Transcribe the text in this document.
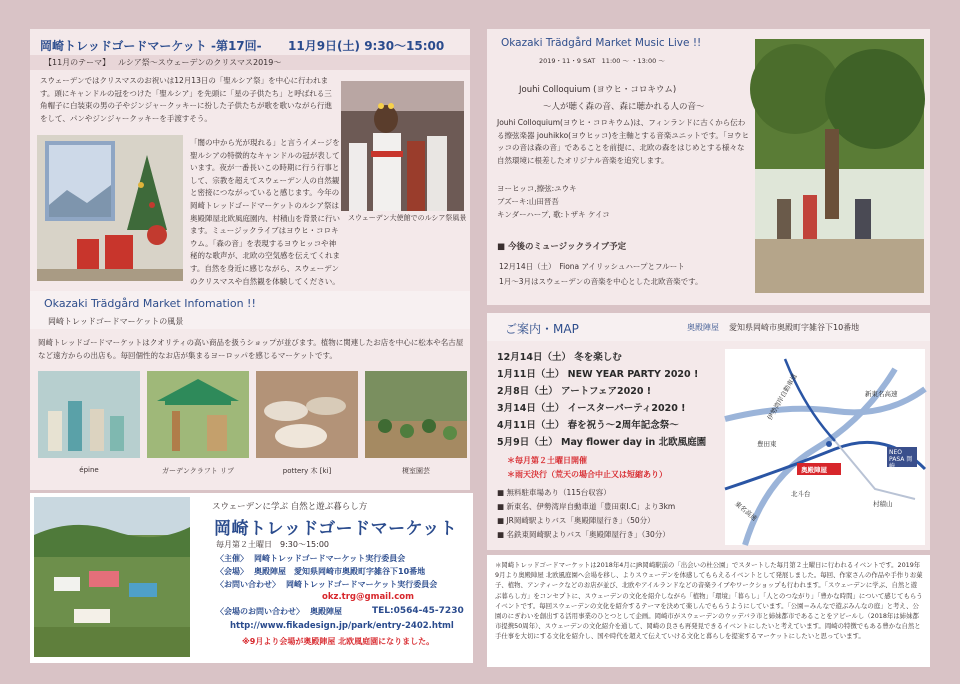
岡崎トレッドゴードマーケット -第17回- 11月9日(土) 9:30〜15:00
【11月のテーマ】 ルシア祭〜スウェーデンのクリスマス2019〜
スウェーデンではクリスマスのお祝いは12月13日の「聖ルシア祭」を中心に行われます。頭にキャンドルの冠をつけた「聖ルシア」を先頭に「星の子供たち」と呼ばれる三角帽子に白装束の男の子やジンジャークッキーに扮した子供たちが歌を歌いながら行進をして、パンやジンジャークッキーを手渡すそう。
スウェーデン大使館でのルシア祭風景
「闇の中から光が現れる」と言うイメージを聖ルシアの特徴的なキャンドルの冠が表しています。夜が一番長いこの時期に行う行事として、宗教を超えてスウェーデン人の自然観と密接につながっていると感じます。今年の岡崎トレッドゴードマーケットのルシア祭は奥殿陣屋北欧風庭園内、村積山を背景に行います。ミュージックライブはヨウヒ・コロキウム。「森の音」を表現するヨウヒッコや神秘的な歌声が、北欧の空気感を伝えてくれます。自然を身近に感じながら、スウェーデンのクリスマスや自然観を体験してください。
Okazaki Trädgård Market Infomation !!
岡崎トレッドゴードマーケットの風景
岡崎トレッドゴードマーケットはクオリティの高い商品を扱うショップが並びます。植物に関連したお店を中心に松本や名古屋など遠方からの出店も。毎回個性的なお店が集まるヨーロッパを感じるマーケットです。
épine	ガーデンクラフト リブ	pottery 木 [ki]	榎室園芸
スウェーデンに学ぶ 自然と遊ぶ暮らし方
岡崎トレッドゴードマーケット
毎月第２土曜日　9:30〜15:00
〈主催〉 岡崎トレッドゴードマーケット実行委員会
〈会場〉 奥殿陣屋　愛知県岡崎市奥殿町字雑谷下10番地
〈お問い合わせ〉 岡崎トレッドゴードマーケット実行委員会
okz.trg@gmail.com
〈会場のお問い合わせ〉 奥殿陣屋	TEL:0564-45-7230
http://www.fikadesign.jp/park/entry-2402.html
※9月より会場が奥殿陣屋 北欧風庭園になりました。
Okazaki Trädgård Market Music Live !!
2019・11・9 SAT　11:00 〜 ・13:00 〜
Jouhi Colloquium (ヨウヒ・コロキウム)
〜人が聴く森の音、森に聴かれる人の音〜
Jouhi Colloquium(ヨウヒ・コロキウム)は、フィンランドに古くから伝わる擦弦楽器 jouhikko(ヨウヒッコ)を主軸とする音楽ユニットです。「ヨウヒッコの音は森の音」であることを前提に、北欧の森をはじめとする様々な自然環境に根差したオリジナル音楽を追究します。
ヨーヒッコ,擦弦:ユウキ
ブズーキ:山田晋吾
キンダーハープ, 歌:トザキ ケイコ
■ 今後のミュージックライブ予定
12月14日（土）　Fiona アイリッシュハープとフルート
1月〜3月はスウェーデンの音楽を中心とした北欧音楽です。
ご案内・MAP	奥殿陣屋 愛知県岡崎市奥殿町字雑谷下10番地
12月14日（土） 冬を楽しむ
1月11日（土） NEW YEAR PARTY 2020 !
2月8日（土） アートフェア2020 !
3月14日（土） イースターパーティ2020 !
4月11日（土） 春を祝う〜2周年記念祭〜
5月9日（土） May flower day in 北欧風庭園
＊毎月第２土曜日開催
＊雨天決行（荒天の場合中止又は短縮あり）
■ 無料駐車場あり（115台収容）
■ 新東名、伊勢湾岸自動車道「豊田東I.C」より3km
■ JR岡崎駅よりバス「奥殿陣屋行き」（50分）
■ 名鉄東岡崎駅よりバス「奥殿陣屋行き」（30分）
新東名高速
伊勢湾岸自動車道
豊田東
東名高速
奥殿陣屋
北斗台
村積山
NEO PASA 岡崎
＊岡崎トレッドゴードマーケットは2018年4月にJR岡崎駅前の「出会いの杜公園」でスタートした毎月第２土曜日に行われるイベントです。2019年9月より奥殿陣屋 北欧風庭園へ会場を移し、よりスウェーデンを体感してもらえるイベントとして発展しました。毎回、作家さんの作品や手作りお菓子、植物、アンティークなどのお店が並び、北欧やアイルランドなどの音楽ライブやワークショップも行われます。「スウェーデンに学ぶ、自然と遊ぶ暮らし方」をコンセプトに、スウェーデンの文化を紹介しながら「植物」「環境」「暮らし」「人とのつながり」「豊かな時間」について感じてもらうイベントです。毎回スウェーデンの文化を紹介するテーマを決めて楽しんでもらうようにしています。「公園＝みんなで遊ぶみんなの庭」と考え、公園のにぎわいを創出する活用事業のひとつとして企画。岡崎市がスウェーデンのウッデバラ市と姉妹都市であることをアピールし（2018年は姉妹都市提携50周年）、スウェーデンの文化紹介を通して、岡崎の良さも再発見できるイベントにしたいと考えています。岡崎の特徴でもある豊かな自然と手仕事を大切にする文化を紹介し、国や時代を超えて伝えていける文化と暮らしを提案するマーケットにしたいと思っています。
